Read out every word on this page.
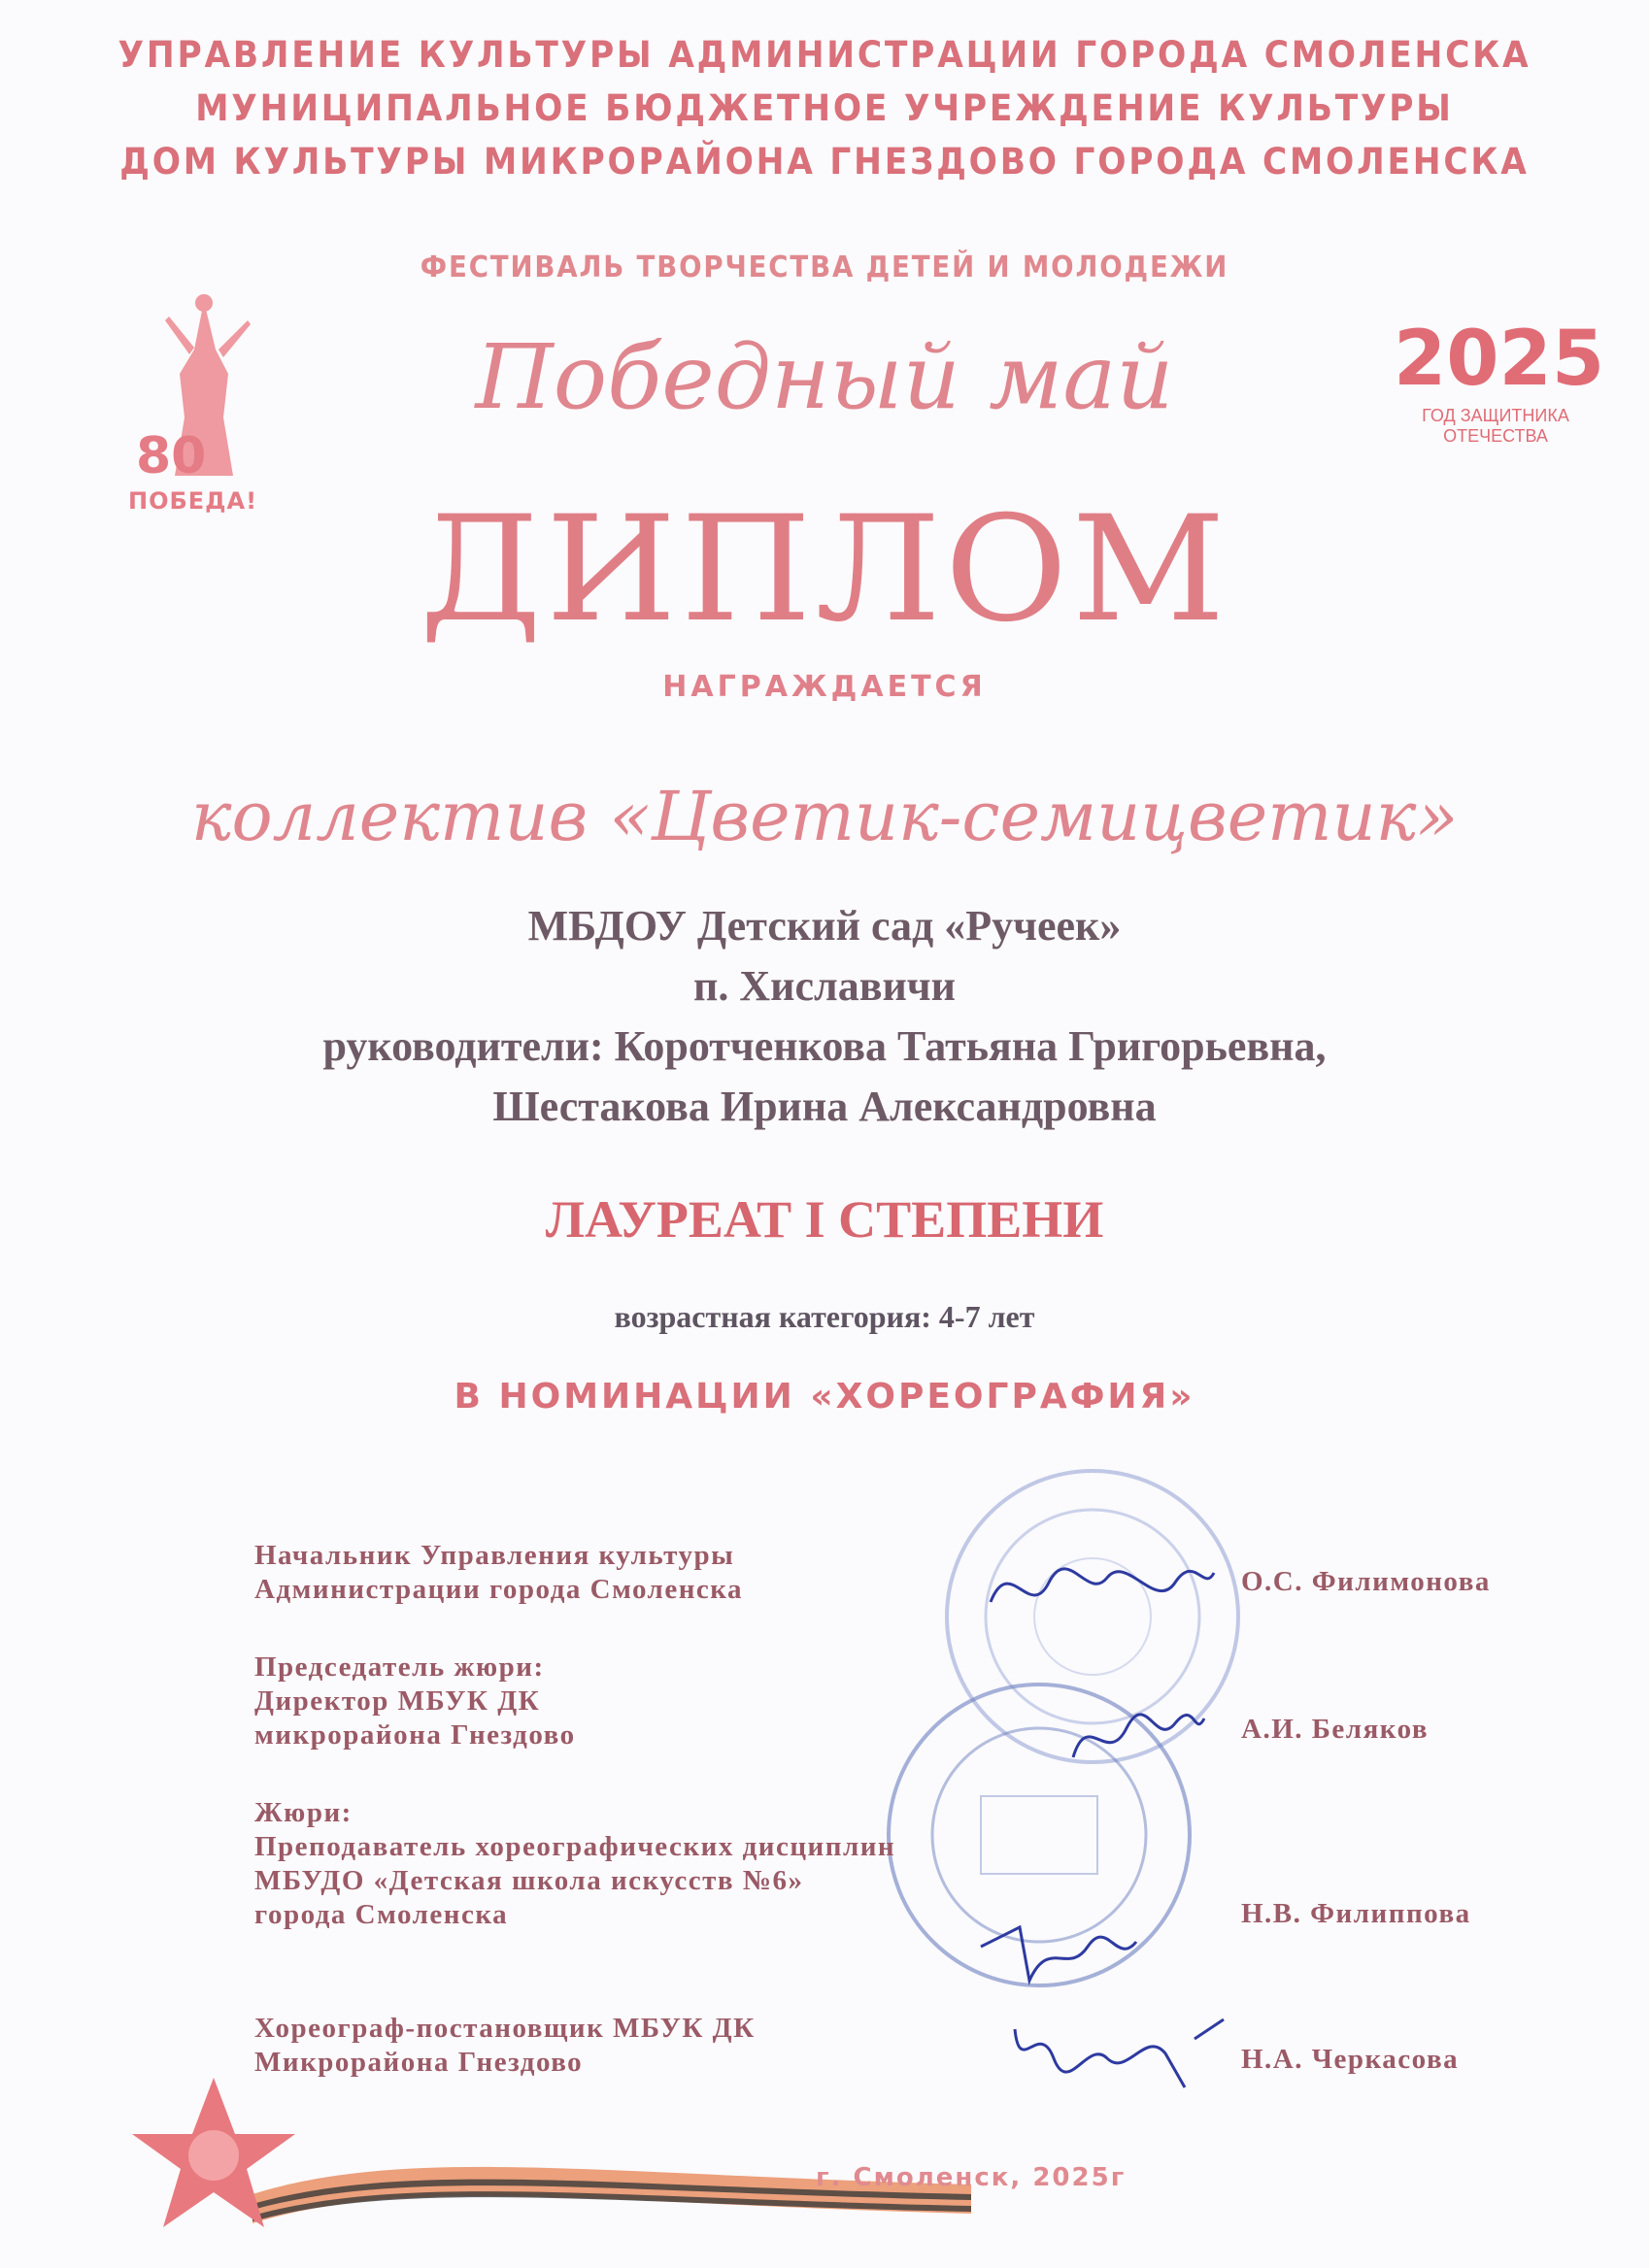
УПРАВЛЕНИЕ КУЛЬТУРЫ АДМИНИСТРАЦИИ ГОРОДА СМОЛЕНСКА
МУНИЦИПАЛЬНОЕ БЮДЖЕТНОЕ УЧРЕЖДЕНИЕ КУЛЬТУРЫ
ДОМ КУЛЬТУРЫ МИКРОРАЙОНА ГНЕЗДОВО ГОРОДА СМОЛЕНСКА
ФЕСТИВАЛЬ ТВОРЧЕСТВА ДЕТЕЙ И МОЛОДЕЖИ
Победный май
80
ПОБЕДА!
2025
ГОД ЗАЩИТНИКА
ОТЕЧЕСТВА
ДИПЛОМ
НАГРАЖДАЕТСЯ
коллектив «Цветик-семицветик»
МБДОУ Детский сад «Ручеек»
п. Хиславичи
руководители: Коротченкова Татьяна Григорьевна,
Шестакова Ирина Александровна
ЛАУРЕАТ I СТЕПЕНИ
возрастная категория: 4-7 лет
В НОМИНАЦИИ «ХОРЕОГРАФИЯ»
Начальник Управления культуры
Администрации города Смоленска	О.С. Филимонова
Председатель жюри:
Директор МБУК ДК
микрорайона Гнездово	А.И. Беляков
Жюри:
Преподаватель хореографических дисциплин
МБУДО «Детская школа искусств №6»
города Смоленска	Н.В. Филиппова
Хореограф-постановщик МБУК ДК
Микрорайона Гнездово	Н.А. Черкасова
г. Смоленск, 2025г
